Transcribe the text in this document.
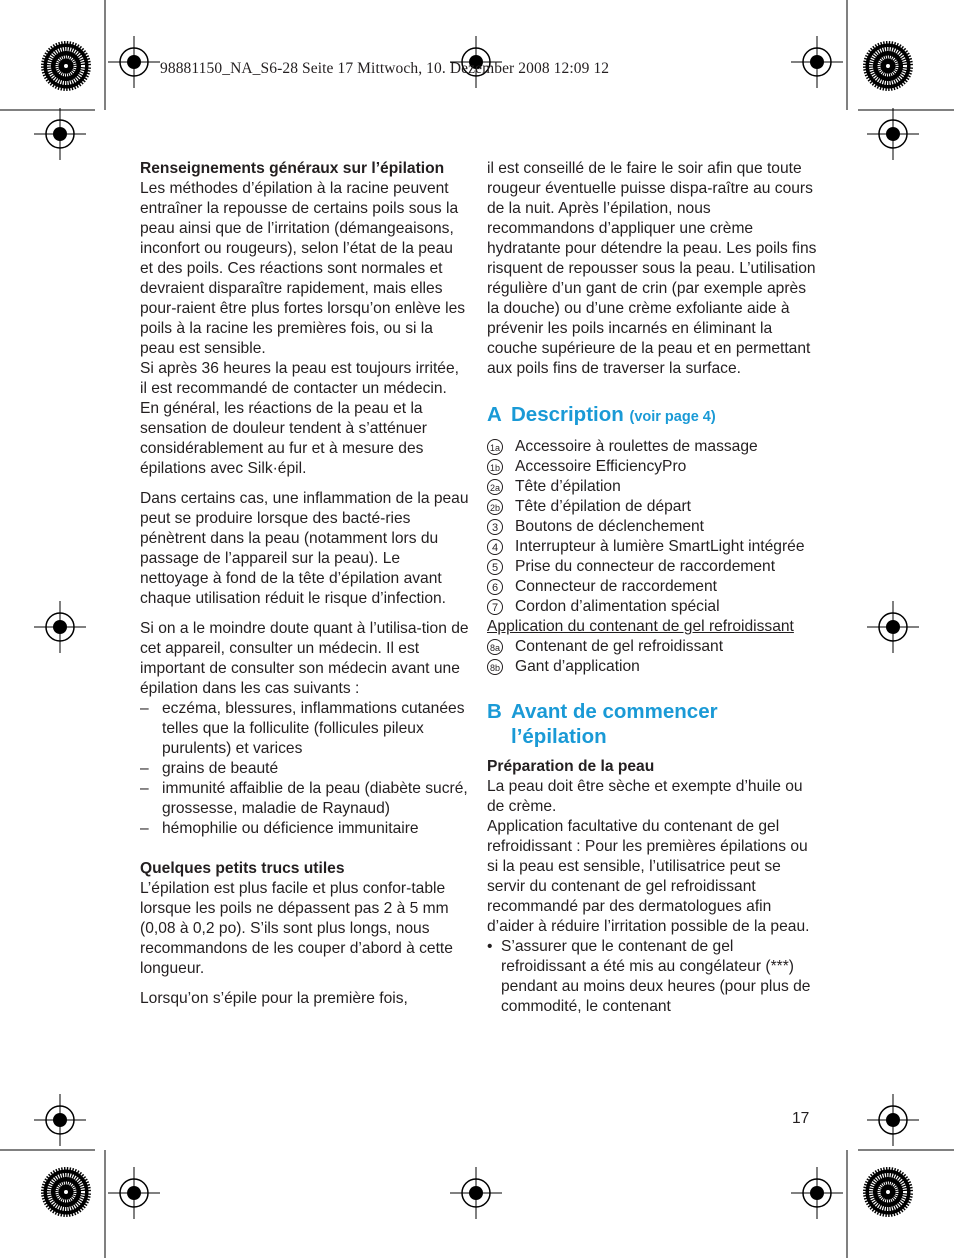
98881150_NA_S6-28 Seite 17 Mittwoch, 10. Dezember 2008 12:09 12

Renseignements généraux sur l’épilation

Les méthodes d’épilation à la racine peuvent entraîner la repousse de certains poils sous la peau ainsi que de l’irritation (démangeaisons, inconfort ou rougeurs), selon l’état de la peau et des poils. Ces réactions sont normales et devraient disparaître rapidement, mais elles pour-raient être plus fortes lorsqu’on enlève les poils à la racine les premières fois, ou si la peau est sensible.

Si après 36 heures la peau est toujours irritée, il est recommandé de contacter un médecin.

En général, les réactions de la peau et la sensation de douleur tendent à s’atténuer considérablement au fur et à mesure des épilations avec Silk·épil.

Dans certains cas, une inflammation de la peau peut se produire lorsque des bacté-ries pénètrent dans la peau (notamment lors du passage de l’appareil sur la peau). Le nettoyage à fond de la tête d’épilation avant chaque utilisation réduit le risque d’infection.

Si on a le moindre doute quant à l’utilisa-tion de cet appareil, consulter un médecin. Il est important de consulter son médecin avant une épilation dans les cas suivants :

– eczéma, blessures, inflammations cutanées telles que la folliculite (follicules pileux purulents) et varices
– grains de beauté
– immunité affaiblie de la peau (diabète sucré, grossesse, maladie de Raynaud)
– hémophilie ou déficience immunitaire

Quelques petits trucs utiles

L’épilation est plus facile et plus confor-table lorsque les poils ne dépassent pas 2 à 5 mm (0,08 à 0,2 po). S’ils sont plus longs, nous recommandons de les couper d’abord à cette longueur.

Lorsqu’on s’épile pour la première fois,

il est conseillé de le faire le soir afin que toute rougeur éventuelle puisse dispa-raître au cours de la nuit. Après l’épilation, nous recommandons d’appliquer une crème hydratante pour détendre la peau. Les poils fins risquent de repousser sous la peau. L’utilisation régulière d’un gant de crin (par exemple après la douche) ou d’une crème exfoliante aide à prévenir les poils incarnés en éliminant la couche supérieure de la peau et en permettant aux poils fins de traverser la surface.

A Description (voir page 4)
1a Accessoire à roulettes de massage
1b Accessoire EfficiencyPro
2a Tête d’épilation
2b Tête d’épilation de départ
3	Boutons de déclenchement
4	Interrupteur à lumière SmartLight intégrée
5	Prise du connecteur de raccordement
6	Connecteur de raccordement
7	Cordon d’alimentation spécial

Application du contenant de gel refroidissant

8a Contenant de gel refroidissant
8b Gant d’application
B Avant de commencer l’épilation

Préparation de la peau

La peau doit être sèche et exempte d’huile ou de crème.

Application facultative du contenant de gel refroidissant : Pour les premières épilations ou si la peau est sensible, l’utilisatrice peut se servir du contenant de gel refroidissant recommandé par des dermatologues afin d’aider à réduire l’irritation possible de la peau.

• S’assurer que le contenant de gel refroidissant a été mis au congélateur (***) pendant au moins deux heures (pour plus de commodité, le contenant
17
